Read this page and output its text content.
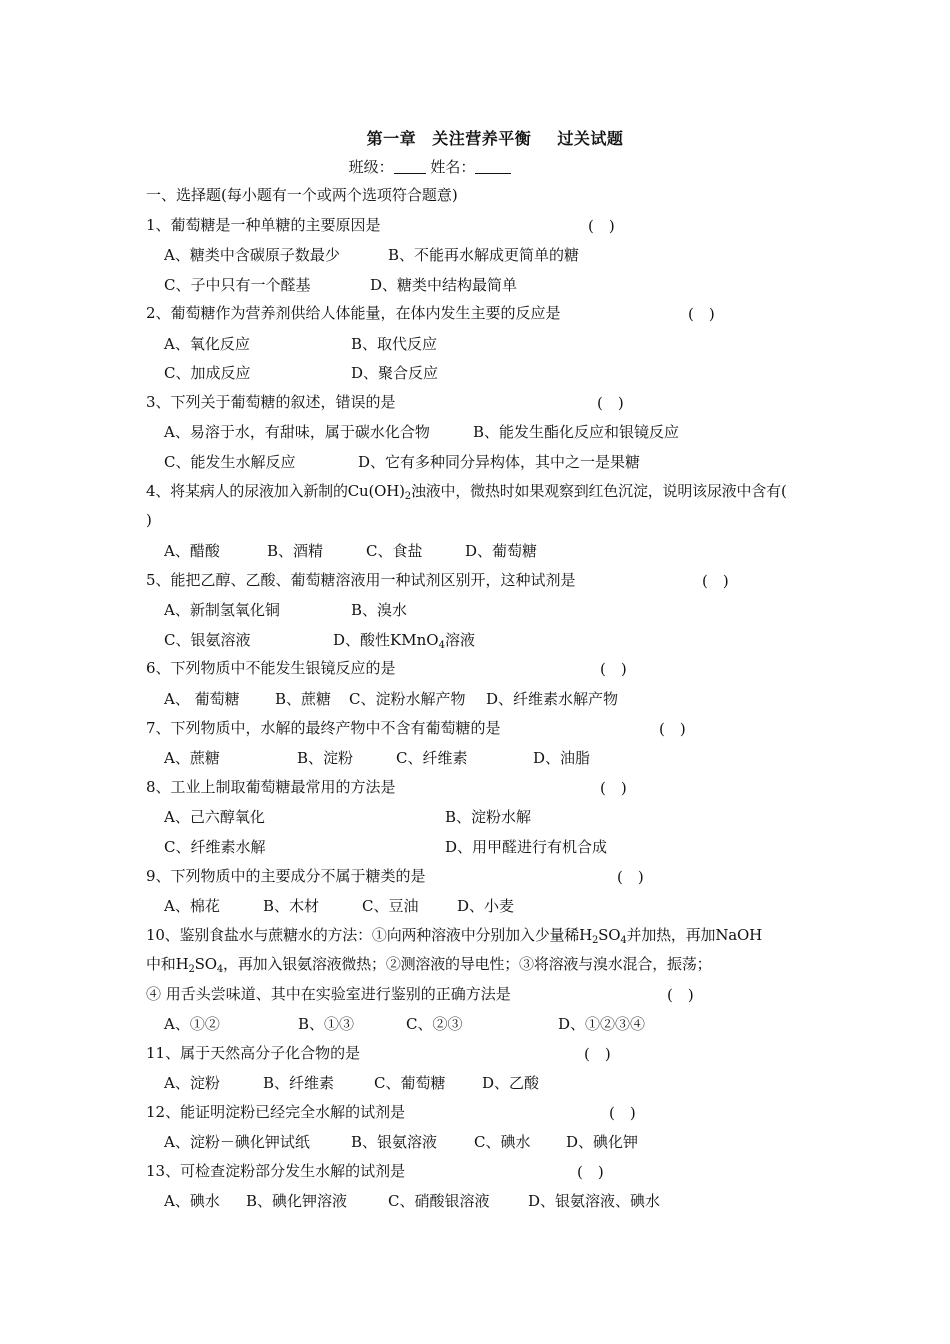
第一章 关注营养平衡 过关试题
班级： 姓名：
一、选择题(每小题有一个或两个选项符合题意)
1、葡萄糖是一种单糖的主要原因是	(　)
A、糖类中含碳原子数最少	B、不能再水解成更简单的糖
C、子中只有一个醛基	D、糖类中结构最简单
2、葡萄糖作为营养剂供给人体能量，在体内发生主要的反应是	(　)
A、氧化反应	B、取代反应
C、加成反应	D、聚合反应
3、下列关于葡萄糖的叙述，错误的是	(　)
A、易溶于水，有甜味，属于碳水化合物	B、能发生酯化反应和银镜反应
C、能发生水解反应	D、它有多种同分异构体，其中之一是果糖
4、将某病人的尿液加入新制的$Cu(OH)_2$浊液中，微热时如果观察到红色沉淀，说明该尿液中含有(
)
A、醋酸	B、酒精	C、食盐	D、葡萄糖
5、能把乙醇、乙酸、葡萄糖溶液用一种试剂区别开，这种试剂是	(　)
A、新制氢氧化铜	B、溴水
C、银氨溶液	D、酸性KMnO$_4$溶液
6、下列物质中不能发生银镜反应的是	(　)
A、 葡萄糖 B、蔗糖 C、淀粉水解产物 D、纤维素水解产物
7、下列物质中，水解的最终产物中不含有葡萄糖的是	(　)
A、蔗糖	B、淀粉	C、纤维素	D、油脂
8、工业上制取葡萄糖最常用的方法是	(　)
A、己六醇氧化	B、淀粉水解
C、纤维素水解	D、用甲醛进行有机合成
9、下列物质中的主要成分不属于糖类的是	(　)
A、棉花	B、木材	C、豆油	D、小麦
10、鉴别食盐水与蔗糖水的方法：①向两种溶液中分别加入少量稀$H_2SO_4$并加热，再加NaOH
中和$H_2SO_4$，再加入银氨溶液微热；②测溶液的导电性；③将溶液与溴水混合，振荡；
④ 用舌头尝味道、其中在实验室进行鉴别的正确方法是	(　)
A、①②	B、①③	C、②③	D、①②③④
11、属于天然高分子化合物的是	(　)
A、淀粉	B、纤维素	C、葡萄糖 D、乙酸
12、能证明淀粉已经完全水解的试剂是	(　)
A、淀粉－碘化钾试纸	B、银氨溶液 C、碘水 D、碘化钾
13、可检查淀粉部分发生水解的试剂是	(　)
A、碘水 B、碘化钾溶液	C、硝酸银溶液	D、银氨溶液、碘水
